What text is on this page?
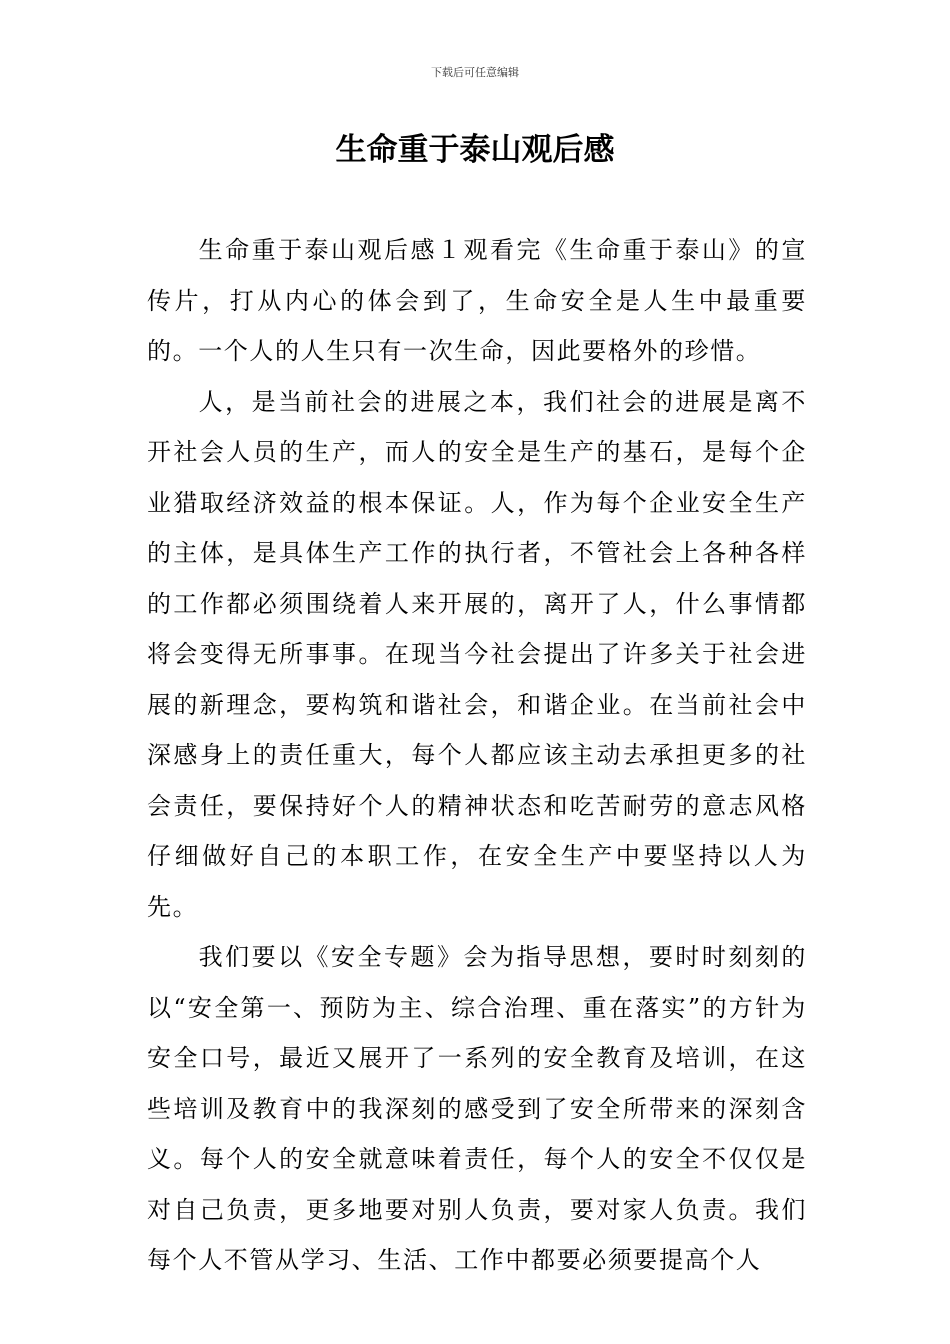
下载后可任意编辑
生命重于泰山观后感

生命重于泰山观后感１观看完《生命重于泰山》的宣传片，打从内心的体会到了，生命安全是人生中最重要的。一个人的人生只有一次生命，因此要格外的珍惜。

人，是当前社会的进展之本，我们社会的进展是离不开社会人员的生产，而人的安全是生产的基石，是每个企业猎取经济效益的根本保证。人，作为每个企业安全生产的主体，是具体生产工作的执行者，不管社会上各种各样的工作都必须围绕着人来开展的，离开了人，什么事情都将会变得无所事事。在现当今社会提出了许多关于社会进展的新理念，要构筑和谐社会，和谐企业。在当前社会中深感身上的责任重大，每个人都应该主动去承担更多的社会责任，要保持好个人的精神状态和吃苦耐劳的意志风格仔细做好自己的本职工作，在安全生产中要坚持以人为先。

我们要以《安全专题》会为指导思想，要时时刻刻的以“安全第一、预防为主、综合治理、重在落实”的方针为安全口号，最近又展开了一系列的安全教育及培训，在这些培训及教育中的我深刻的感受到了安全所带来的深刻含义。每个人的安全就意味着责任，每个人的安全不仅仅是对自己负责，更多地要对别人负责，要对家人负责。我们每个人不管从学习、生活、工作中都要必须要提高个人
